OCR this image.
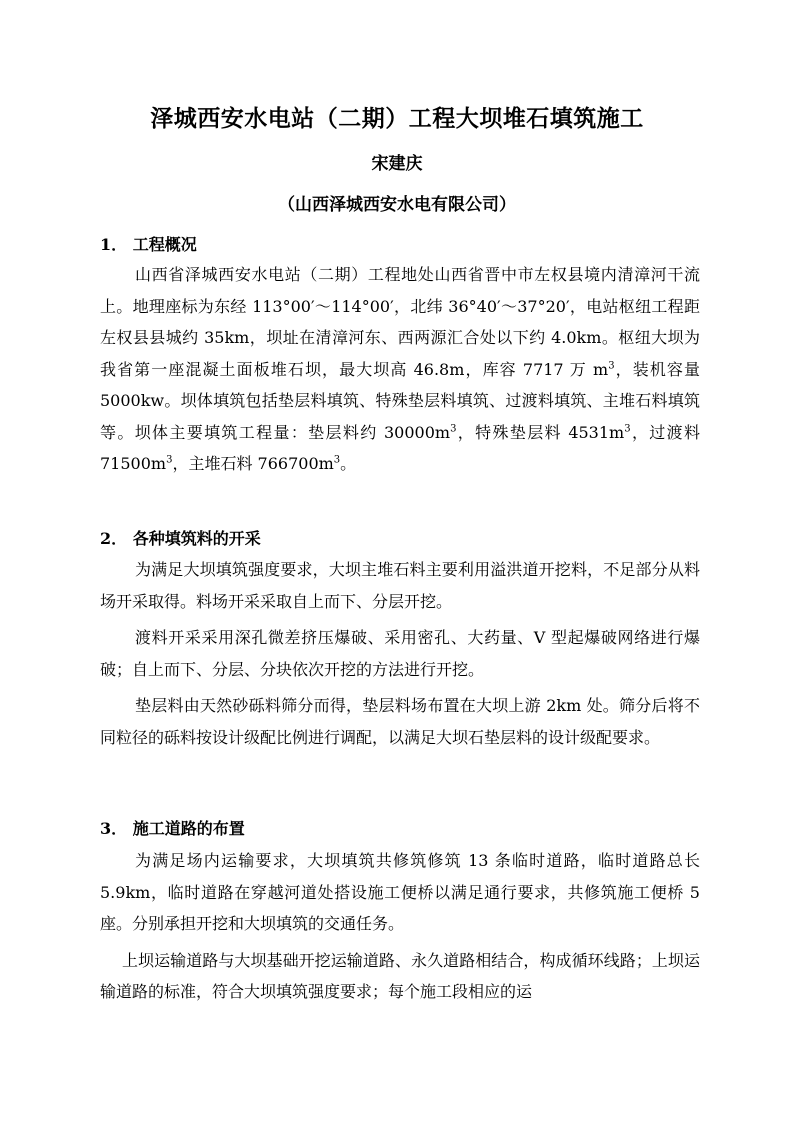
泽城西安水电站（二期）工程大坝堆石填筑施工
宋建庆
（山西泽城西安水电有限公司）
1． 工程概况

山西省泽城西安水电站（二期）工程地处山西省晋中市左权县境内清漳河干流上。地理座标为东经 113°00′～114°00′，北纬 36°40′～37°20′，电站枢纽工程距左权县县城约 35km，坝址在清漳河东、西两源汇合处以下约 4.0km。枢纽大坝为我省第一座混凝土面板堆石坝，最大坝高 46.8m，库容 7717 万 $m^3$，装机容量 5000kw。坝体填筑包括垫层料填筑、特殊垫层料填筑、过渡料填筑、主堆石料填筑等。坝体主要填筑工程量：垫层料约 $30000m^3$，特殊垫层料 $4531m^3$，过渡料 $71500m^3$，主堆石料 $766700m^3$。

2． 各种填筑料的开采

为满足大坝填筑强度要求，大坝主堆石料主要利用溢洪道开挖料，不足部分从料场开采取得。料场开采采取自上而下、分层开挖。

渡料开采采用深孔微差挤压爆破、采用密孔、大药量、V 型起爆破网络进行爆破；自上而下、分层、分块依次开挖的方法进行开挖。

垫层料由天然砂砾料筛分而得，垫层料场布置在大坝上游 2km 处。筛分后将不同粒径的砾料按设计级配比例进行调配，以满足大坝石垫层料的设计级配要求。

3． 施工道路的布置

为满足场内运输要求，大坝填筑共修筑修筑 13 条临时道路，临时道路总长 5.9km，临时道路在穿越河道处搭设施工便桥以满足通行要求，共修筑施工便桥 5 座。分别承担开挖和大坝填筑的交通任务。

上坝运输道路与大坝基础开挖运输道路、永久道路相结合，构成循环线路；上坝运输道路的标准，符合大坝填筑强度要求；每个施工段相应的运
